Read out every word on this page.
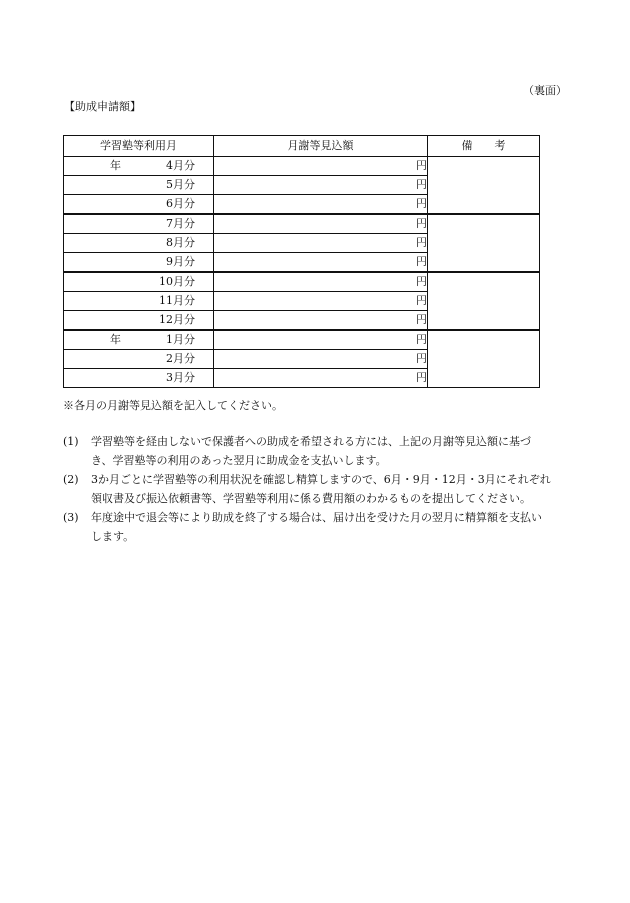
（裏面）
【助成申請額】
学習塾等利用月	月謝等見込額	備　　考

年 4月分	円	

5月分	円	

6月分	円	

7月分	円	

8月分	円	

9月分	円	

10月分	円	

11月分	円	

12月分	円	

年 1月分	円	

2月分	円	

3月分	円	
※各月の月謝等見込額を記入してください。
(1)	学習塾等を経由しないで保護者への助成を希望される方には、上記の月謝等見込額に基づき、学習塾等の利用のあった翌月に助成金を支払いします。
(2)	3か月ごとに学習塾等の利用状況を確認し精算しますので、6月・9月・12月・3月にそれぞれ領収書及び振込依頼書等、学習塾等利用に係る費用額のわかるものを提出してください。
(3)	年度途中で退会等により助成を終了する場合は、届け出を受けた月の翌月に精算額を支払いします。
